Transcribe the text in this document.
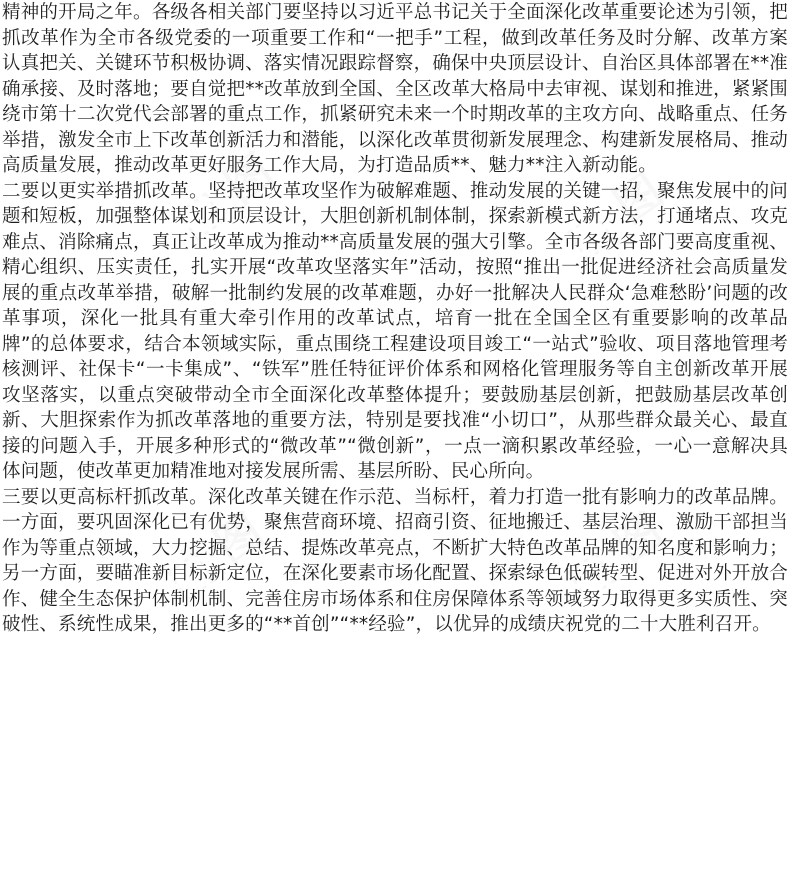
⬚ 图	⬚ 图
⬚ 图	⬚ 图

精神的开局之年。各级各相关部门要坚持以习近平总书记关于全面深化改革重要论述为引领，把抓改革作为全市各级党委的一项重要工作和“一把手”工程，做到改革任务及时分解、改革方案认真把关、关键环节积极协调、落实情况跟踪督察，确保中央顶层设计、自治区具体部署在**准确承接、及时落地；要自觉把**改革放到全国、全区改革大格局中去审视、谋划和推进，紧紧围绕市第十二次党代会部署的重点工作，抓紧研究未来一个时期改革的主攻方向、战略重点、任务举措，激发全市上下改革创新活力和潜能，以深化改革贯彻新发展理念、构建新发展格局、推动高质量发展，推动改革更好服务工作大局，为打造品质**、魅力**注入新动能。

二要以更实举措抓改革。坚持把改革攻坚作为破解难题、推动发展的关键一招，聚焦发展中的问题和短板，加强整体谋划和顶层设计，大胆创新机制体制，探索新模式新方法，打通堵点、攻克难点、消除痛点，真正让改革成为推动**高质量发展的强大引擎。全市各级各部门要高度重视、精心组织、压实责任，扎实开展“改革攻坚落实年”活动，按照“推出一批促进经济社会高质量发展的重点改革举措，破解一批制约发展的改革难题，办好一批解决人民群众‘急难愁盼’问题的改革事项，深化一批具有重大牵引作用的改革试点，培育一批在全国全区有重要影响的改革品牌”的总体要求，结合本领域实际，重点围绕工程建设项目竣工“一站式”验收、项目落地管理考核测评、社保卡“一卡集成”、“铁军”胜任特征评价体系和网格化管理服务等自主创新改革开展攻坚落实，以重点突破带动全市全面深化改革整体提升；要鼓励基层创新，把鼓励基层改革创新、大胆探索作为抓改革落地的重要方法，特别是要找准“小切口”，从那些群众最关心、最直接的问题入手，开展多种形式的“微改革”“微创新”，一点一滴积累改革经验，一心一意解决具体问题，使改革更加精准地对接发展所需、基层所盼、民心所向。

三要以更高标杆抓改革。深化改革关键在作示范、当标杆，着力打造一批有影响力的改革品牌。一方面，要巩固深化已有优势，聚焦营商环境、招商引资、征地搬迁、基层治理、激励干部担当作为等重点领域，大力挖掘、总结、提炼改革亮点，不断扩大特色改革品牌的知名度和影响力；另一方面，要瞄准新目标新定位，在深化要素市场化配置、探索绿色低碳转型、促进对外开放合作、健全生态保护体制机制、完善住房市场体系和住房保障体系等领域努力取得更多实质性、突破性、系统性成果，推出更多的“**首创”“**经验”，以优异的成绩庆祝党的二十大胜利召开。
